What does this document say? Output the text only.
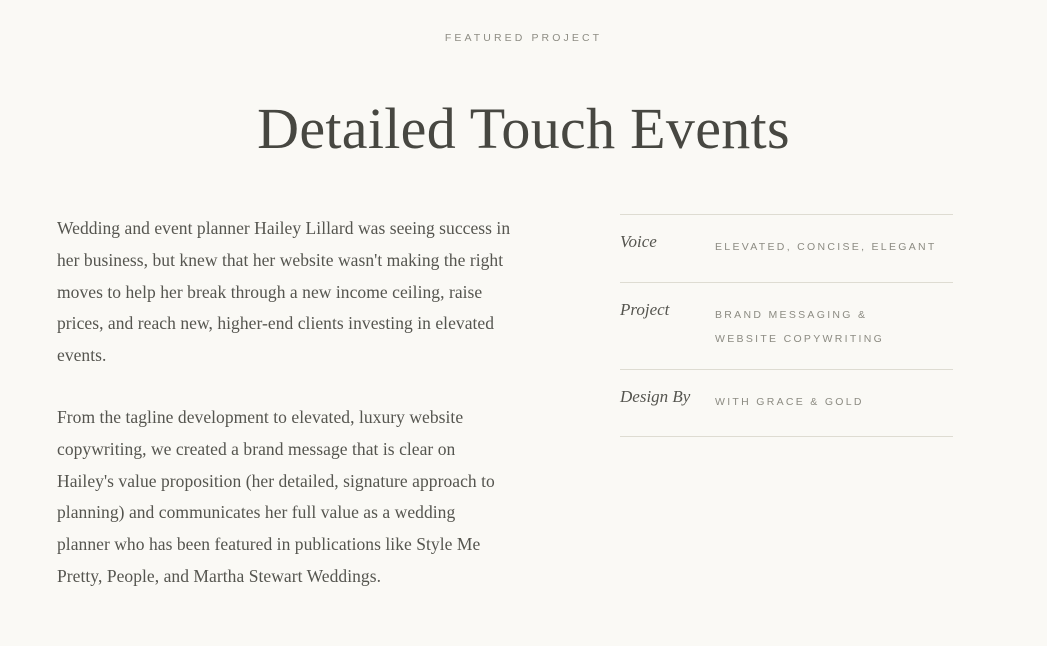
FEATURED PROJECT
Detailed Touch Events

Wedding and event planner Hailey Lillard was seeing success in her business, but knew that her website wasn't making the right moves to help her break through a new income ceiling, raise prices, and reach new, higher-end clients investing in elevated events.

From the tagline development to elevated, luxury website copywriting, we created a brand message that is clear on Hailey's value proposition (her detailed, signature approach to planning) and communicates her full value as a wedding planner who has been featured in publications like Style Me Pretty, People, and Martha Stewart Weddings.

Voice	ELEVATED, CONCISE, ELEGANT
Project	BRAND MESSAGING &
WEBSITE COPYWRITING
Design By	WITH GRACE & GOLD
